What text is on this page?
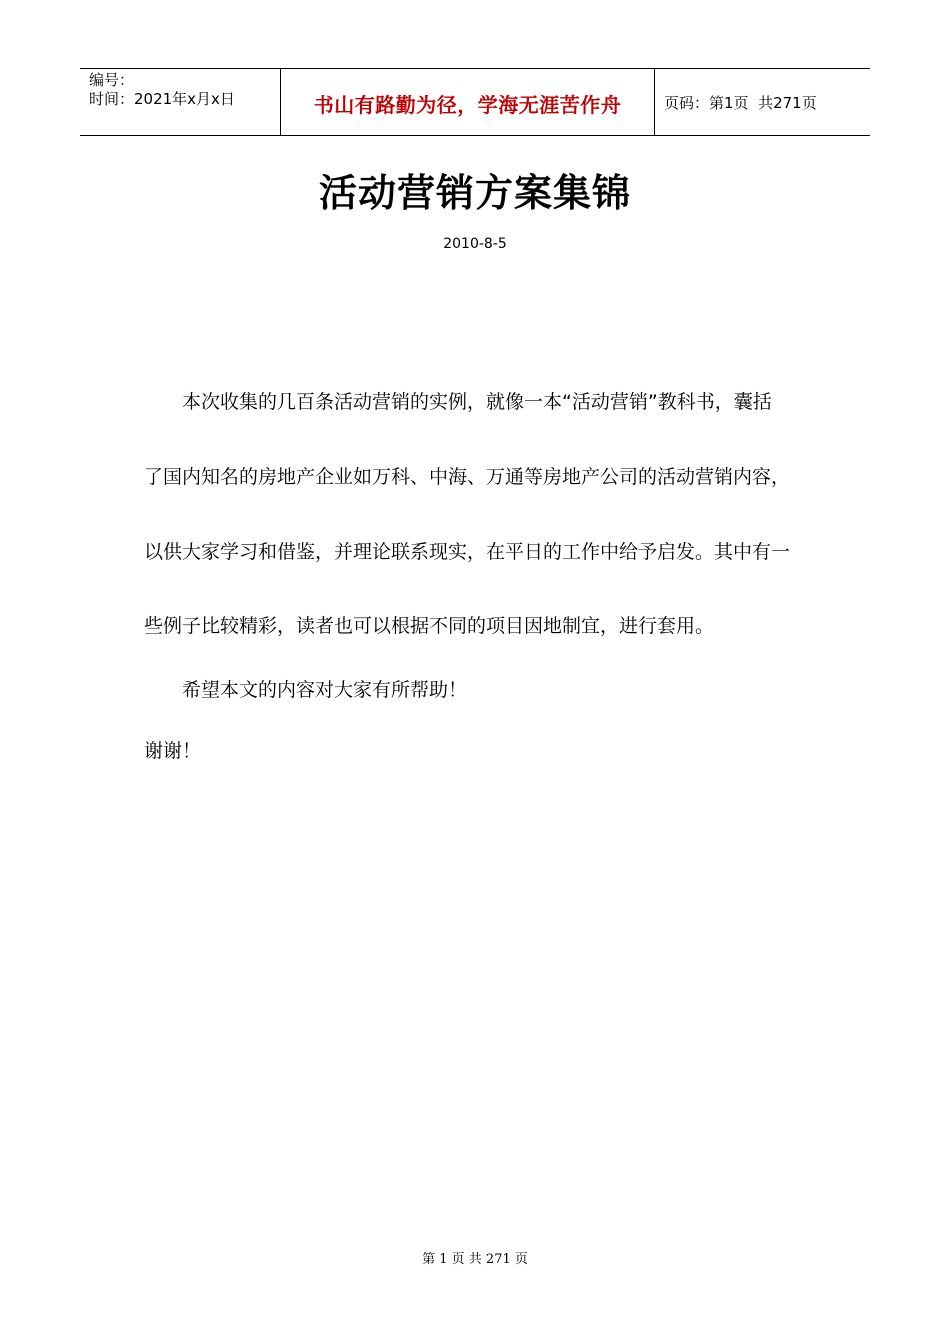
编号：
时间：2021年x月x日	书山有路勤为径，学海无涯苦作舟	页码：第1页  共271页
活动营销方案集锦
2010-8-5
本次收集的几百条活动营销的实例，就像一本“活动营销”教科书，囊括
了国内知名的房地产企业如万科、中海、万通等房地产公司的活动营销内容，
以供大家学习和借鉴，并理论联系现实，在平日的工作中给予启发。其中有一
些例子比较精彩，读者也可以根据不同的项目因地制宜，进行套用。
希望本文的内容对大家有所帮助！
谢谢！
第 1 页 共 271 页
